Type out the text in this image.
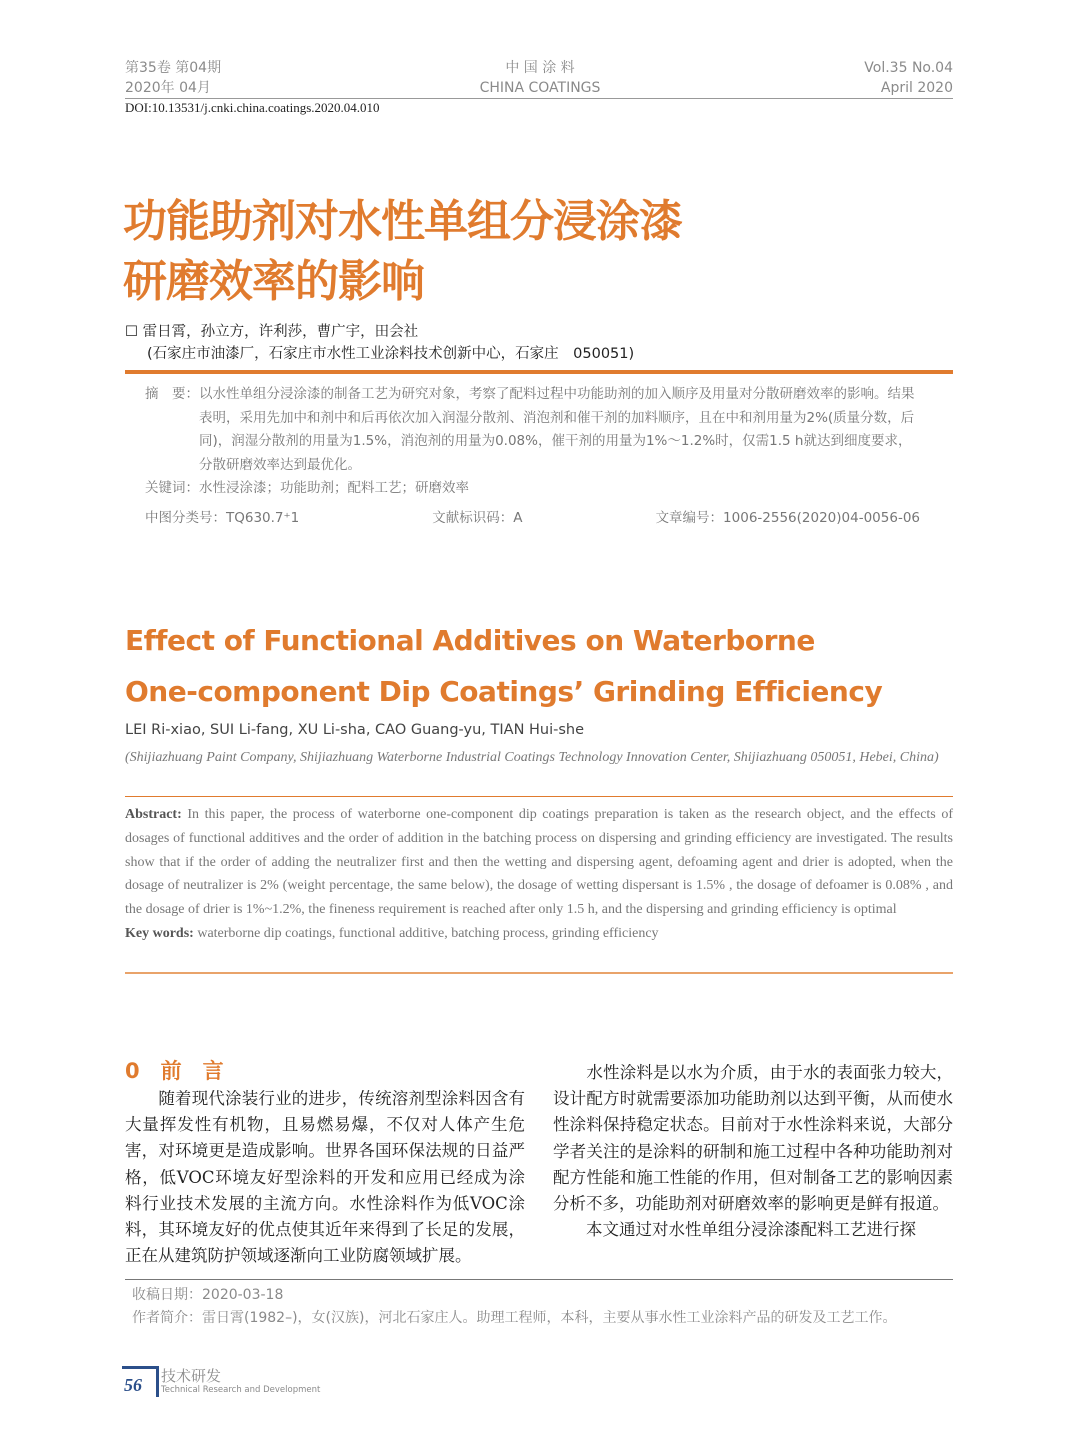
第35卷 第04期
2020年 04月
中 国 涂 料
CHINA COATINGS
Vol.35 No.04
April 2020
DOI:10.13531/j.cnki.china.coatings.2020.04.010
功能助剂对水性单组分浸涂漆
研磨效率的影响
☐ 雷日霄，孙立方，许利莎，曹广宇，田会社
(石家庄市油漆厂，石家庄市水性工业涂料技术创新中心，石家庄　050051)
摘　要： 以水性单组分浸涂漆的制备工艺为研究对象，考察了配料过程中功能助剂的加入顺序及用量对分散研磨效率的影响。结果表明，采用先加中和剂中和后再依次加入润湿分散剂、消泡剂和催干剂的加料顺序，且在中和剂用量为2%(质量分数，后同)，润湿分散剂的用量为1.5%，消泡剂的用量为0.08%，催干剂的用量为1%～1.2%时，仅需1.5 h就达到细度要求，分散研磨效率达到最优化。
关键词：水性浸涂漆；功能助剂；配料工艺；研磨效率
中图分类号：TQ630.7⁺1	文献标识码：A	文章编号：1006-2556(2020)04-0056-06
Effect of Functional Additives on Waterborne
One-component Dip Coatings’ Grinding Efficiency
LEI Ri-xiao, SUI Li-fang, XU Li-sha, CAO Guang-yu, TIAN Hui-she
(Shijiazhuang Paint Company, Shijiazhuang Waterborne Industrial Coatings Technology Innovation Center, Shijiazhuang 050051, Hebei, China)
Abstract: In this paper, the process of waterborne one-component dip coatings preparation is taken as the research object, and the effects of dosages of functional additives and the order of addition in the batching process on dispersing and grinding efficiency are investigated. The results show that if the order of adding the neutralizer first and then the wetting and dispersing agent, defoaming agent and drier is adopted, when the dosage of neutralizer is 2% (weight percentage, the same below), the dosage of wetting dispersant is 1.5% , the dosage of defoamer is 0.08% , and the dosage of drier is 1%~1.2%, the fineness requirement is reached after only 1.5 h, and the dispersing and grinding efficiency is optimal
Key words: waterborne dip coatings, functional additive, batching process, grinding efficiency
0　 前　言
　　随着现代涂装行业的进步，传统溶剂型涂料因含有大量挥发性有机物，且易燃易爆，不仅对人体产生危害，对环境更是造成影响。世界各国环保法规的日益严格，低VOC环境友好型涂料的开发和应用已经成为涂料行业技术发展的主流方向。水性涂料作为低VOC涂料，其环境友好的优点使其近年来得到了长足的发展，正在从建筑防护领域逐渐向工业防腐领域扩展。
　　水性涂料是以水为介质，由于水的表面张力较大，设计配方时就需要添加功能助剂以达到平衡，从而使水性涂料保持稳定状态。目前对于水性涂料来说，大部分学者关注的是涂料的研制和施工过程中各种功能助剂对配方性能和施工性能的作用，但对制备工艺的影响因素分析不多，功能助剂对研磨效率的影响更是鲜有报道。
　　本文通过对水性单组分浸涂漆配料工艺进行探
收稿日期：2020-03-18
作者简介：雷日霄(1982–)，女(汉族)，河北石家庄人。助理工程师，本科，主要从事水性工业涂料产品的研发及工艺工作。
56 技术研发
Technical Research and Development
